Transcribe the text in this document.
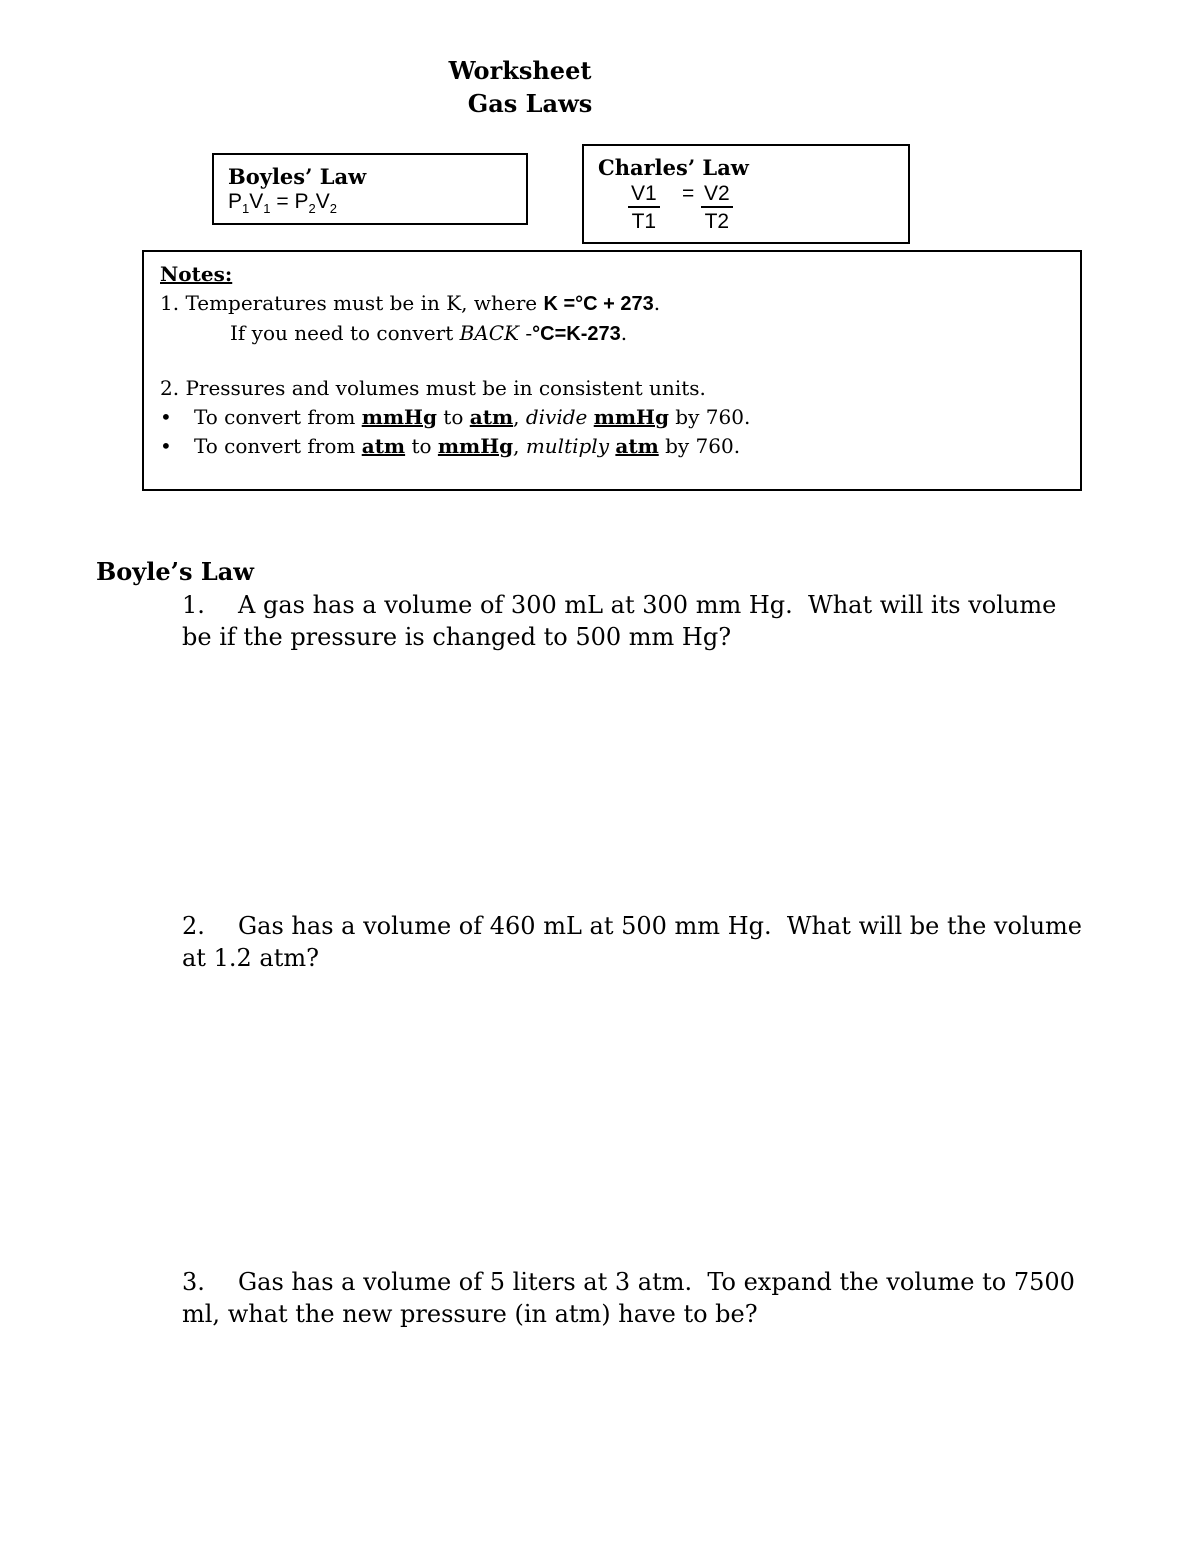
Worksheet
Gas Laws
Boyles’ Law
$P_1V_1 = P_2V_2$
Charles’ Law
$\frac{V1}{T1} = \frac{V2}{T2}$
Notes:
1. Temperatures must be in K, where K =°C + 273.
If you need to convert BACK -°C=K-273.
2. Pressures and volumes must be in consistent units.
• To convert from mmHg to atm, divide mmHg by 760.
• To convert from atm to mmHg, multiply atm by 760.
Boyle’s Law
1. A gas has a volume of 300 mL at 300 mm Hg.  What will its volume be if the pressure is changed to 500 mm Hg?
2. Gas has a volume of 460 mL at 500 mm Hg.  What will be the volume at 1.2 atm?
3. Gas has a volume of 5 liters at 3 atm.  To expand the volume to 7500 ml, what the new pressure (in atm) have to be?
